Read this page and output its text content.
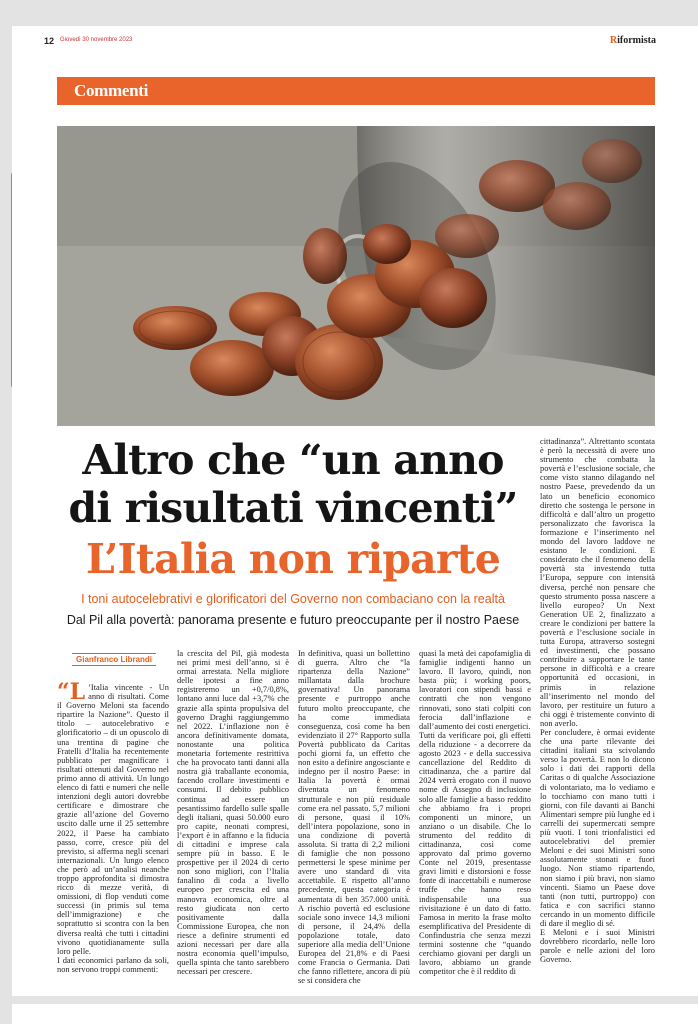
12 Giovedì 30 novembre 2023	Riformista
Commenti
Altro che “un anno
di risultati vincenti”
L’Italia non riparte
I toni autocelebrativi e glorificatori del Governo non combaciano con la realtà
Dal Pil alla povertà: panorama presente e futuro preoccupante per il nostro Paese
Gianfranco Librandi

“L ’Italia vincente - Un anno di risultati. Come il Governo Meloni sta facendo ripartire la Nazione”. Questo il titolo – autocelebrativo e glorificatorio – di un opuscolo di una trentina di pagine che Fratelli d’Italia ha recentemente pubblicato per magnificare i risultati ottenuti dal Governo nel primo anno di attività. Un lungo elenco di fatti e numeri che nelle intenzioni degli autori dovrebbe certificare e dimostrare che grazie all’azione del Governo uscito dalle urne il 25 settembre 2022, il Paese ha cambiato passo, corre, cresce più del previsto, si afferma negli scenari internazionali. Un lungo elenco che però ad un’analisi neanche troppo approfondita si dimostra ricco di mezze verità, di omissioni, di flop venduti come successi (in primis sul tema dell’immigrazione) e che soprattutto si scontra con la ben diversa realtà che tutti i cittadini vivono quotidianamente sulla loro pelle.

I dati economici parlano da soli, non servono troppi commenti:

la crescita del Pil, già modesta nei primi mesi dell’anno, si è ormai arrestata. Nella migliore delle ipotesi a fine anno registreremo un +0,7/0,8%, lontano anni luce dal +3,7% che grazie alla spinta propulsiva del governo Draghi raggiungemmo nel 2022. L’inflazione non è ancora definitivamente domata, nonostante una politica monetaria fortemente restrittiva che ha provocato tanti danni alla nostra già traballante economia, facendo crollare investimenti e consumi. Il debito pubblico continua ad essere un pesantissimo fardello sulle spalle degli italiani, quasi 50.000 euro pro capite, neonati compresi, l’export è in affanno e la fiducia di cittadini e imprese cala sempre più in basso. E le prospettive per il 2024 di certo non sono migliori, con l’Italia fanalino di coda a livello europeo per crescita ed una manovra economica, oltre al resto giudicata non certo positivamente dalla Commissione Europea, che non riesce a definire strumenti ed azioni necessari per dare alla nostra economia quell’impulso, quella spinta che tanto sarebbero necessari per crescere.

In definitiva, quasi un bollettino di guerra. Altro che “la ripartenza della Nazione” millantata dalla brochure governativa! Un panorama presente e purtroppo anche futuro molto preoccupante, che ha come immediata conseguenza, così come ha ben evidenziato il 27° Rapporto sulla Povertà pubblicato da Caritas pochi giorni fa, un effetto che non esito a definire angosciante e indegno per il nostro Paese: in Italia la povertà è ormai diventata un fenomeno strutturale e non più residuale come era nel passato. 5,7 milioni di persone, quasi il 10% dell’intera popolazione, sono in una condizione di povertà assoluta. Si tratta di 2,2 milioni di famiglie che non possono permettersi le spese minime per avere uno standard di vita accettabile. E rispetto all’anno precedente, questa categoria è aumentata di ben 357.000 unità. A rischio povertà ed esclusione sociale sono invece 14,3 milioni di persone, il 24,4% della popolazione totale, dato superiore alla media dell’Unione Europea del 21,8% e di Paesi come Francia o Germania. Dati che fanno riflettere, ancora di più se si considera che

quasi la metà dei capofamiglia di famiglie indigenti hanno un lavoro. Il lavoro, quindi, non basta più; i working poors, lavoratori con stipendi bassi e contratti che non vengono rinnovati, sono stati colpiti con ferocia dall’inflazione e dall’aumento dei costi energetici.

Tutti da verificare poi, gli effetti della riduzione - a decorrere da agosto 2023 - e della successiva cancellazione del Reddito di cittadinanza, che a partire dal 2024 verrà erogato con il nuovo nome di Assegno di inclusione solo alle famiglie a basso reddito che abbiamo fra i propri componenti un minore, un anziano o un disabile. Che lo strumento del reddito di cittadinanza, così come approvato dal primo governo Conte nel 2019, presentasse gravi limiti e distorsioni e fosse fonte di inaccettabili e numerose truffe che hanno reso indispensabile una sua rivisitazione è un dato di fatto. Famosa in merito la frase molto esemplificativa del Presidente di Confindustria che senza mezzi termini sostenne che “quando cerchiamo giovani per dargli un lavoro, abbiamo un grande competitor che è il reddito di

cittadinanza”. Altrettanto scontata è però la necessità di avere uno strumento che combatta la povertà e l’esclusione sociale, che come visto stanno dilagando nel nostro Paese, prevedendo da un lato un beneficio economico diretto che sostenga le persone in difficoltà e dall’altro un progetto personalizzato che favorisca la formazione e l’inserimento nel mondo del lavoro laddove ne esistano le condizioni. E considerato che il fenomeno della povertà sta investendo tutta l’Europa, seppure con intensità diversa, perché non pensare che questo strumento possa nascere a livello europeo? Un Next Generation UE 2, finalizzato a creare le condizioni per battere la povertà e l’esclusione sociale in tutta Europa, attraverso sostegni ed investimenti, che possano contribuire a supportare le tante persone in difficoltà e a creare opportunità ed occasioni, in primis in relazione all’inserimento nel mondo del lavoro, per restituire un futuro a chi oggi è tristemente convinto di non averlo.

Per concludere, è ormai evidente che una parte rilevante dei cittadini italiani sta scivolando verso la povertà. E non lo dicono solo i dati dei rapporti della Caritas o di qualche Associazione di volontariato, ma lo vediamo e lo tocchiamo con mano tutti i giorni, con file davanti ai Banchi Alimentari sempre più lunghe ed i carrelli dei supermercati sempre più vuoti. I toni trionfalistici ed autocelebrativi del premier Meloni e dei suoi Ministri sono assolutamente stonati e fuori luogo. Non stiamo ripartendo, non siamo i più bravi, non siamo vincenti. Siamo un Paese dove tanti (non tutti, purtroppo) con fatica e con sacrifici stanno cercando in un momento difficile di dare il meglio di sé.

E Meloni e i suoi Ministri dovrebbero ricordarlo, nelle loro parole e nelle azioni del loro Governo.
